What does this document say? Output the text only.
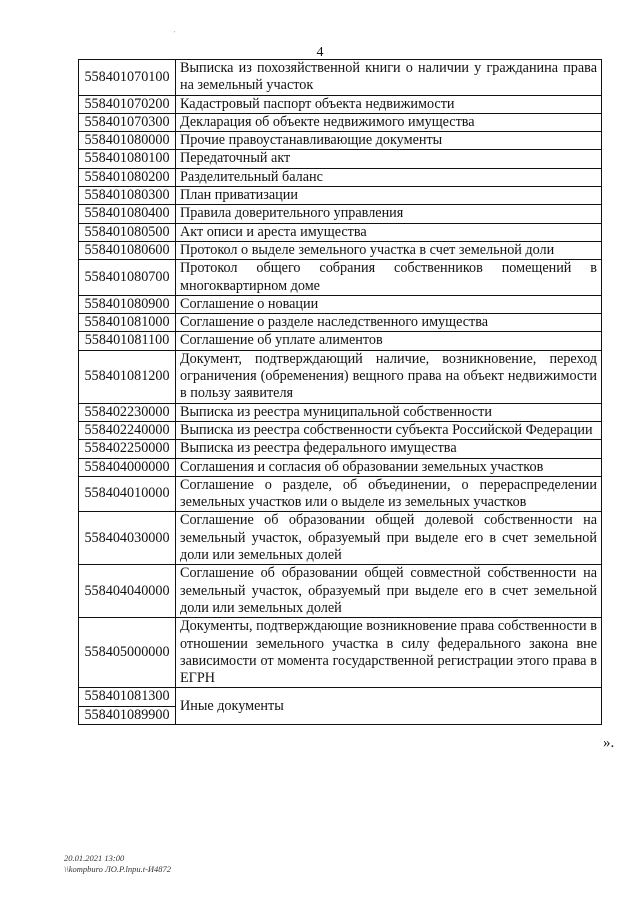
ˊ
4
558401070100	Выписка из похозяйственной книги о наличии у гражданина права на земельный участок
558401070200	Кадастровый паспорт объекта недвижимости
558401070300	Декларация об объекте недвижимого имущества
558401080000	Прочие правоустанавливающие документы
558401080100	Передаточный акт
558401080200	Разделительный баланс
558401080300	План приватизации
558401080400	Правила доверительного управления
558401080500	Акт описи и ареста имущества
558401080600	Протокол о выделе земельного участка в счет земельной доли
558401080700	Протокол общего собрания собственников помещений в многоквартирном доме
558401080900	Соглашение о новации
558401081000	Соглашение о разделе наследственного имущества
558401081100	Соглашение об уплате алиментов
558401081200	Документ, подтверждающий наличие, возникновение, переход ограничения (обременения) вещного права на объект недвижимости в пользу заявителя
558402230000	Выписка из реестра муниципальной собственности
558402240000	Выписка из реестра собственности субъекта Российской Федерации
558402250000	Выписка из реестра федерального имущества
558404000000	Соглашения и согласия об образовании земельных участков
558404010000	Соглашение о разделе, об объединении, о перераспределении земельных участков или о выделе из земельных участков
558404030000	Соглашение об образовании общей долевой собственности на земельный участок, образуемый при выделе его в счет земельной доли или земельных долей
558404040000	Соглашение об образовании общей совместной собственности на земельный участок, образуемый при выделе его в счет земельной доли или земельных долей
558405000000	Документы, подтверждающие возникновение права собственности в отношении земельного участка в силу федерального закона вне зависимости от момента государственной регистрации этого права в ЕГРН
558401081300	Иные документы
558401089900	
».
20.01.2021 13:00
\\kompburo ЛО.Р.lnpu.t-И4872
